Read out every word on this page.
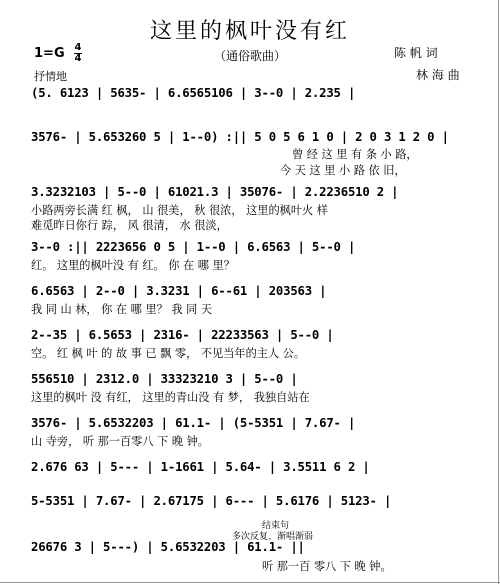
这里的枫叶没有红
（通俗歌曲）
1=G 4
4
抒情地
陈 帆 词
林 海 曲
(5. 6123 | 5635- | 6.6565106 | 3--0 | 2.235 |
3576- | 5.653260 5 | 1--0) :|| 5 0 5 6 1 0 | 2 0 3 1 2 0 |
曾 经 这 里 有 条 小 路，
今 天 这 里 小 路 依 旧，
3.3232103 | 5--0 | 61021.3 | 35076- | 2.2236510 2 |
小路两旁长满 红 枫， 山 很美， 秋 很浓， 这里的枫叶火 样
难觅昨日你行 踪， 风 很清， 水 很淡，
3--0 :|| 2223656 0 5 | 1--0 | 6.6563 | 5--0 |
红。 这里的枫叶没 有 红。 你 在 哪 里？
6.6563 | 2--0 | 3.3231 | 6--61 | 203563 |
我 同 山 林， 你 在 哪 里？ 我 同 天
2--35 | 6.5653 | 2316- | 22233563 | 5--0 |
空。 红 枫 叶 的 故 事 已 飘 零， 不见当年的主人 公。
556510 | 2312.0 | 33323210 3 | 5--0 |
这里的枫叶 没 有红， 这里的青山没 有 梦， 我独自站在
3576- | 5.6532203 | 61.1- | (5-5351 | 7.67- |
山 寺旁， 听 那一百零八 下 晚 钟。
2.676 63 | 5--- | 1-1661 | 5.64- | 3.5511 6 2 |
5-5351 | 7.67- | 2.67175 | 6--- | 5.6176 | 5123- |
结束句
多次反复、渐唱渐弱
26676 3 | 5---) | 5.6532203 | 61.1- ||
听 那一百 零八 下 晚 钟。
